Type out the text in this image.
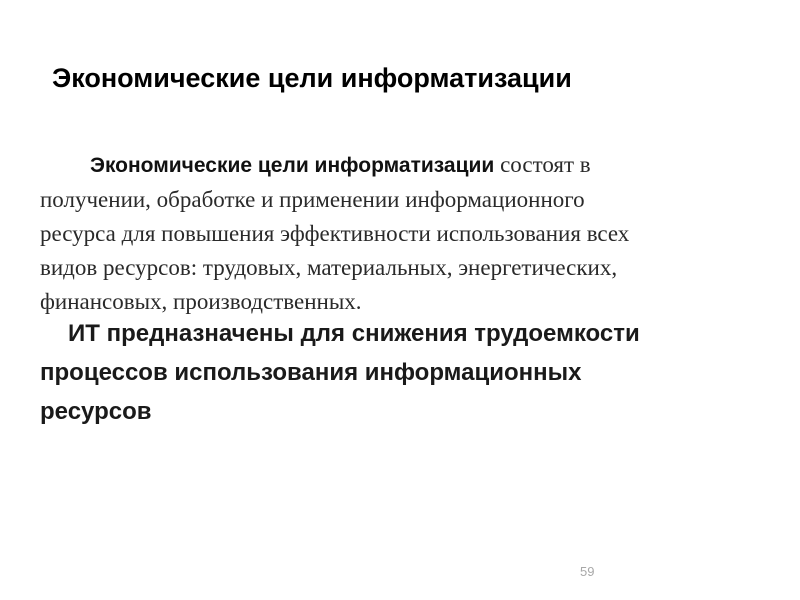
Экономические цели информатизации

Экономические цели информатизации состоят в
получении, обработке и применении информационного
ресурса для повышения эффективности использования всех
видов ресурсов: трудовых, материальных, энергетических,
финансовых, производственных.

ИТ предназначены для снижения трудоемкости
процессов использования информационных
ресурсов

59
